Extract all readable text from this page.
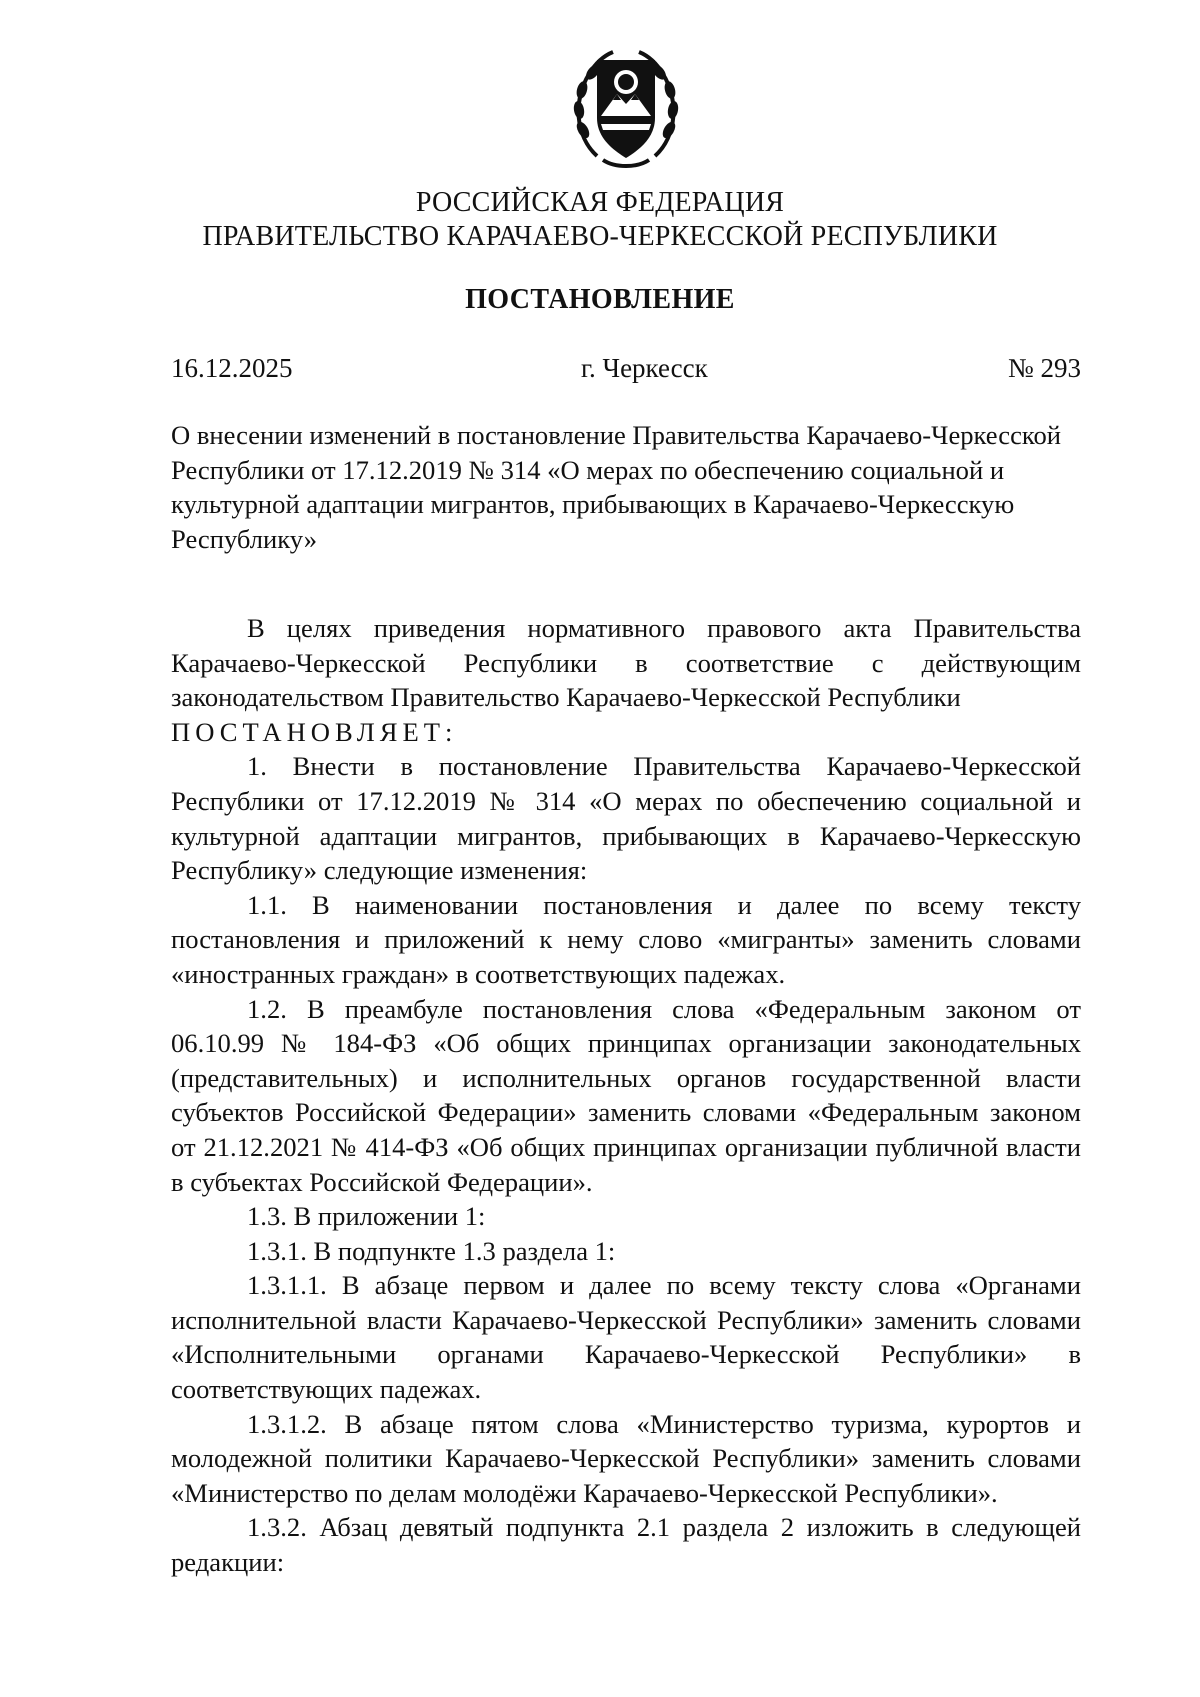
РОССИЙСКАЯ ФЕДЕРАЦИЯ
ПРАВИТЕЛЬСТВО КАРАЧАЕВО-ЧЕРКЕССКОЙ РЕСПУБЛИКИ
ПОСТАНОВЛЕНИЕ
16.12.2025	г. Черкесск	№ 293
О внесении изменений в постановление Правительства Карачаево-Черкесской Республики от 17.12.2019 № 314 «О мерах по обеспечению социальной и культурной адаптации мигрантов, прибывающих в Карачаево-Черкесскую Республику»

В целях приведения нормативного правового акта Правительства Карачаево-Черкесской Республики в соответствие с действующим законодательством Правительство Карачаево-Черкесской Республики

ПОСТАНОВЛЯЕТ:

1. Внести в постановление Правительства Карачаево-Черкесской Республики от 17.12.2019 № 314 «О мерах по обеспечению социальной и культурной адаптации мигрантов, прибывающих в Карачаево-Черкесскую Республику» следующие изменения:

1.1. В наименовании постановления и далее по всему тексту постановления и приложений к нему слово «мигранты» заменить словами «иностранных граждан» в соответствующих падежах.

1.2. В преамбуле постановления слова «Федеральным законом от 06.10.99 № 184-ФЗ «Об общих принципах организации законодательных (представительных) и исполнительных органов государственной власти субъектов Российской Федерации» заменить словами «Федеральным законом от 21.12.2021 № 414-ФЗ «Об общих принципах организации публичной власти в субъектах Российской Федерации».

1.3. В приложении 1:

1.3.1. В подпункте 1.3 раздела 1:

1.3.1.1. В абзаце первом и далее по всему тексту слова «Органами исполнительной власти Карачаево-Черкесской Республики» заменить словами «Исполнительными органами Карачаево-Черкесской Республики» в соответствующих падежах.

1.3.1.2. В абзаце пятом слова «Министерство туризма, курортов и молодежной политики Карачаево-Черкесской Республики» заменить словами «Министерство по делам молодёжи Карачаево-Черкесской Республики».

1.3.2. Абзац девятый подпункта 2.1 раздела 2 изложить в следующей редакции:
